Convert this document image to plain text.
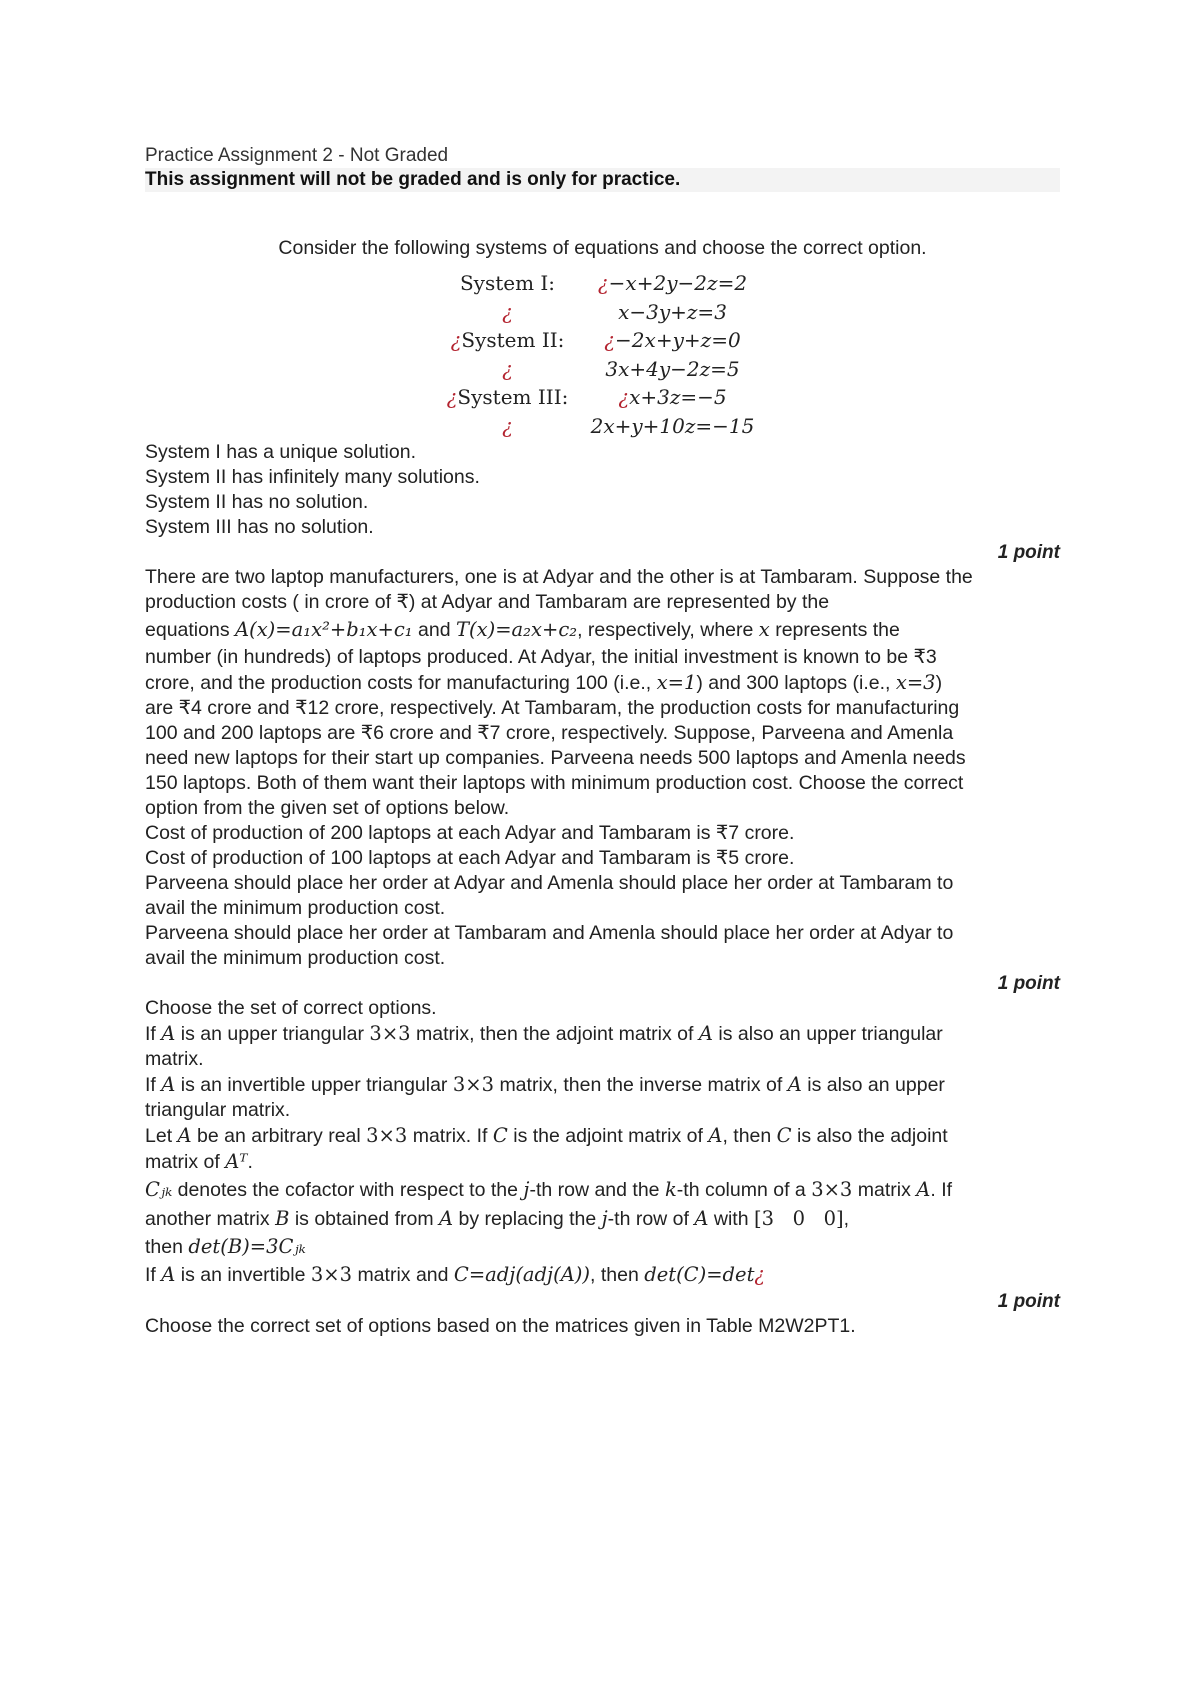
Practice Assignment 2 - Not Graded
This assignment will not be graded and is only for practice.
Consider the following systems of equations and choose the correct option.
System I:	¿−x+2y−2z=2
¿	x−3y+z=3
¿System II:	¿−2x+y+z=0
¿	3x+4y−2z=5
¿System III:	¿x+3z=−5
¿	2x+y+10z=−15
System I has a unique solution.
System II has infinitely many solutions.
System II has no solution.
System III has no solution.
1 point
There are two laptop manufacturers, one is at Adyar and the other is at Tambaram. Suppose the
production costs ( in crore of ₹) at Adyar and Tambaram are represented by the
equations A(x)=a₁x²+b₁x+c₁ and T(x)=a₂x+c₂, respectively, where x represents the
number (in hundreds) of laptops produced. At Adyar, the initial investment is known to be ₹3
crore, and the production costs for manufacturing 100 (i.e., x=1) and 300 laptops (i.e., x=3)
are ₹4 crore and ₹12 crore, respectively. At Tambaram, the production costs for manufacturing
100 and 200 laptops are ₹6 crore and ₹7 crore, respectively. Suppose, Parveena and Amenla
need new laptops for their start up companies. Parveena needs 500 laptops and Amenla needs
150 laptops. Both of them want their laptops with minimum production cost. Choose the correct
option from the given set of options below.
Cost of production of 200 laptops at each Adyar and Tambaram is ₹7 crore.
Cost of production of 100 laptops at each Adyar and Tambaram is ₹5 crore.
Parveena should place her order at Adyar and Amenla should place her order at Tambaram to
avail the minimum production cost.
Parveena should place her order at Tambaram and Amenla should place her order at Adyar to
avail the minimum production cost.
1 point
Choose the set of correct options.
If A is an upper triangular 3×3 matrix, then the adjoint matrix of A is also an upper triangular
matrix.
If A is an invertible upper triangular 3×3 matrix, then the inverse matrix of A is also an upper
triangular matrix.
Let A be an arbitrary real 3×3 matrix. If C is the adjoint matrix of A, then C is also the adjoint
matrix of Aᵀ.
Cⱼₖ denotes the cofactor with respect to the j-th row and the k-th column of a 3×3 matrix A. If
another matrix B is obtained from A by replacing the j-th row of A with [3   0   0],
then det(B)=3Cⱼₖ
If A is an invertible 3×3 matrix and C=adj(adj(A)), then det(C)=det¿
1 point
Choose the correct set of options based on the matrices given in Table M2W2PT1.
